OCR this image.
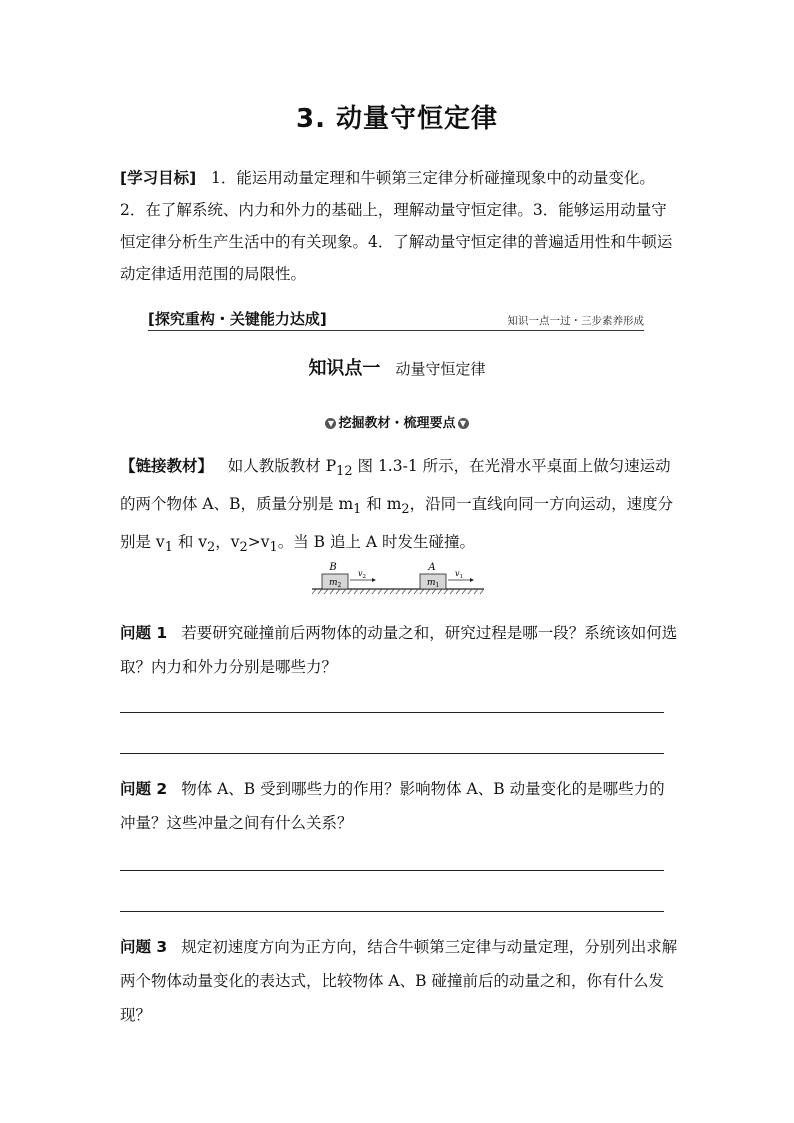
3. 动量守恒定律
[学习目标] 1．能运用动量定理和牛顿第三定律分析碰撞现象中的动量变化。2．在了解系统、内力和外力的基础上，理解动量守恒定律。3．能够运用动量守恒定律分析生产生活中的有关现象。4．了解动量守恒定律的普遍适用性和牛顿运动定律适用范围的局限性。
[探究重构・关键能力达成]	知识一点一过・三步素养形成
知识点一 动量守恒定律
▼ 挖掘教材・梳理要点 ▼
【链接教材】 如人教版教材 $P_{12}$ 图 1.3-1 所示，在光滑水平桌面上做匀速运动的两个物体 A、B，质量分别是 $m_1$ 和 $m_2$，沿同一直线向同一方向运动，速度分别是 $v_1$ 和 $v_2$，$v_2>v_1$。当 B 追上 A 时发生碰撞。
B
$m_2$
$v_2$
A
$m_1$
$v_1$
问题 1 若要研究碰撞前后两物体的动量之和，研究过程是哪一段？系统该如何选取？内力和外力分别是哪些力？
问题 2 物体 A、B 受到哪些力的作用？影响物体 A、B 动量变化的是哪些力的冲量？这些冲量之间有什么关系？
问题 3 规定初速度方向为正方向，结合牛顿第三定律与动量定理，分别列出求解两个物体动量变化的表达式，比较物体 A、B 碰撞前后的动量之和，你有什么发现？
